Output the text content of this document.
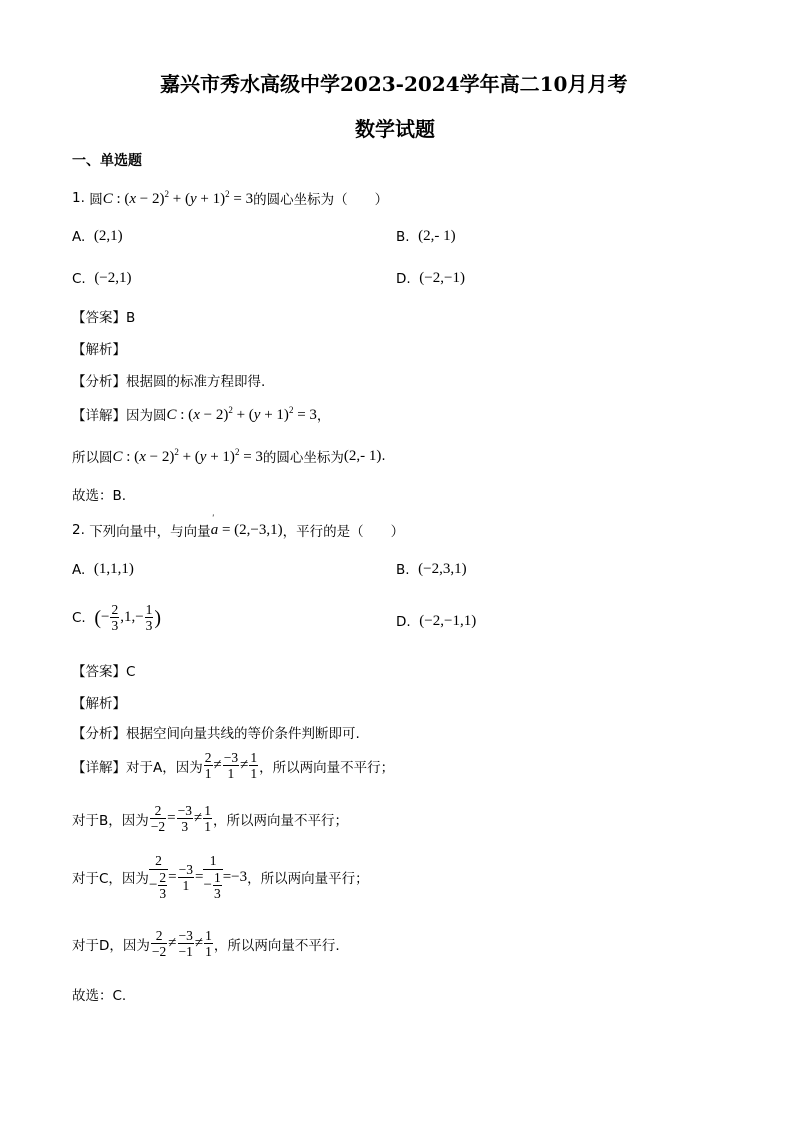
嘉兴市秀水高级中学2023-2024学年高二10月月考
数学试题
一、单选题
1.
圆 C : $(x - 2)^2 + (y + 1)^2 = 3$ 的圆心坐标为（　　）
A.
(2,1)	B.
(2,- 1)
C.
(−2,1)	D.
(−2,−1)
【答案】B
【解析】
【分析】根据圆的标准方程即得.
【详解】 因为圆 C : $(x - 2)^2 + (y + 1)^2 = 3$ ，
所以圆 C : $(x - 2)^2 + (y + 1)^2 = 3$ 的圆心坐标为 (2,- 1) .
故选：B.
2.
下列向量中，与向量 a
'
= (2,−3,1) ，平行的是（　　）
A.
(1,1,1)	B.
(−2,3,1)
C.
( − $\frac{2}{3} ,1,- \frac{1}{3}$ )	D.
(−2,−1,1)
【答案】C
【解析】
【分析】根据空间向量共线的等价条件判断即可.
【详解】 对于A，因为 $\frac{2}{1} \ne \frac{-3}{1} \ne \frac{1}{1}$ ，所以两向量不平行；
对于B，因为 $\frac{2}{-2} = \frac{-3}{3} \ne \frac{1}{1}$ ，所以两向量不平行；
对于C，因为
2
− $\frac{2}{3} = \frac{-3}{1}$ =
1
− $\frac{1}{3} =-3$ ，所以两向量平行；
对于D，因为 $\frac{2}{-2} \ne \frac{-3}{-1} \ne \frac{1}{1}$ ，所以两向量不平行.
故选：C.
